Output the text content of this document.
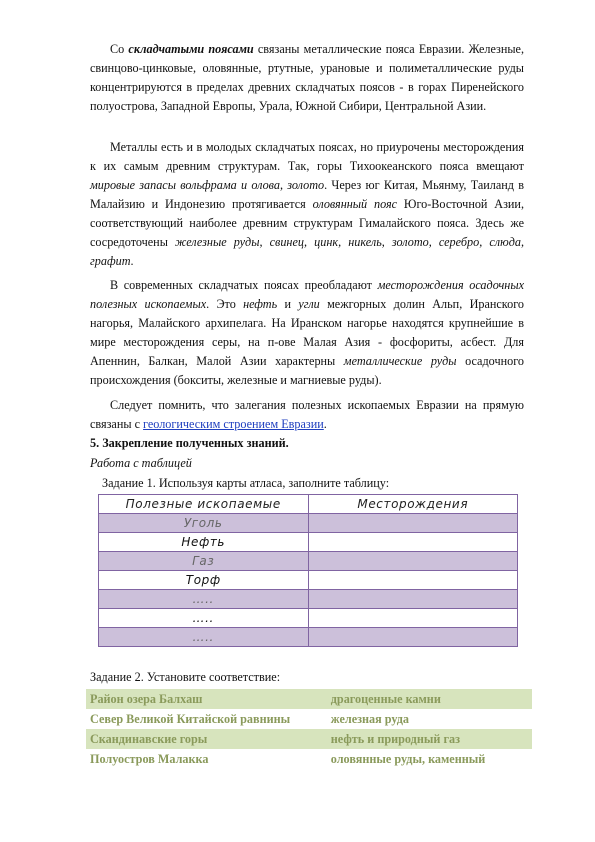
Со складчатыми поясами связаны металлические пояса Евразии. Железные, свинцово-цинковые, оловянные, ртутные, урановые и полиметаллические руды концентрируются в пределах древних складчатых поясов - в горах Пиренейского полуострова, Западной Европы, Урала, Южной Сибири, Центральной Азии.

Металлы есть и в молодых складчатых поясах, но приурочены месторождения к их самым древним структурам. Так, горы Тихоокеанского пояса вмещают мировые запасы вольфрама и олова, золото. Через юг Китая, Мьянму, Таиланд в Малайзию и Индонезию протягивается оловянный пояс Юго-Восточной Азии, соответствующий наиболее древним структурам Гималайского пояса. Здесь же сосредоточены железные руды, свинец, цинк, никель, золото, серебро, слюда, графит.

В современных складчатых поясах преобладают месторождения осадочных полезных ископаемых. Это нефть и угли межгорных долин Альп, Иранского нагорья, Малайского архипелага. На Иранском нагорье находятся крупнейшие в мире месторождения серы, на п-ове Малая Азия - фосфориты, асбест. Для Апеннин, Балкан, Малой Азии характерны металлические руды осадочного происхождения (бокситы, железные и магниевые руды).

Следует помнить, что залегания полезных ископаемых Евразии на прямую связаны с геологическим строением Евразии.

5. Закрепление полученных знаний.

Работа с таблицей

Задание 1. Используя карты атласа, заполните таблицу:

Полезные ископаемые	Месторождения
Уголь	
Нефть	
Газ	
Торф	
…..	
…..	
…..	

Задание 2. Установите соответствие:

Район озера Балхаш	драгоценные камни
Север Великой Китайской равнины	железная руда
Скандинавские горы	нефть и природный газ
Полуостров Малакка	оловянные руды, каменный
